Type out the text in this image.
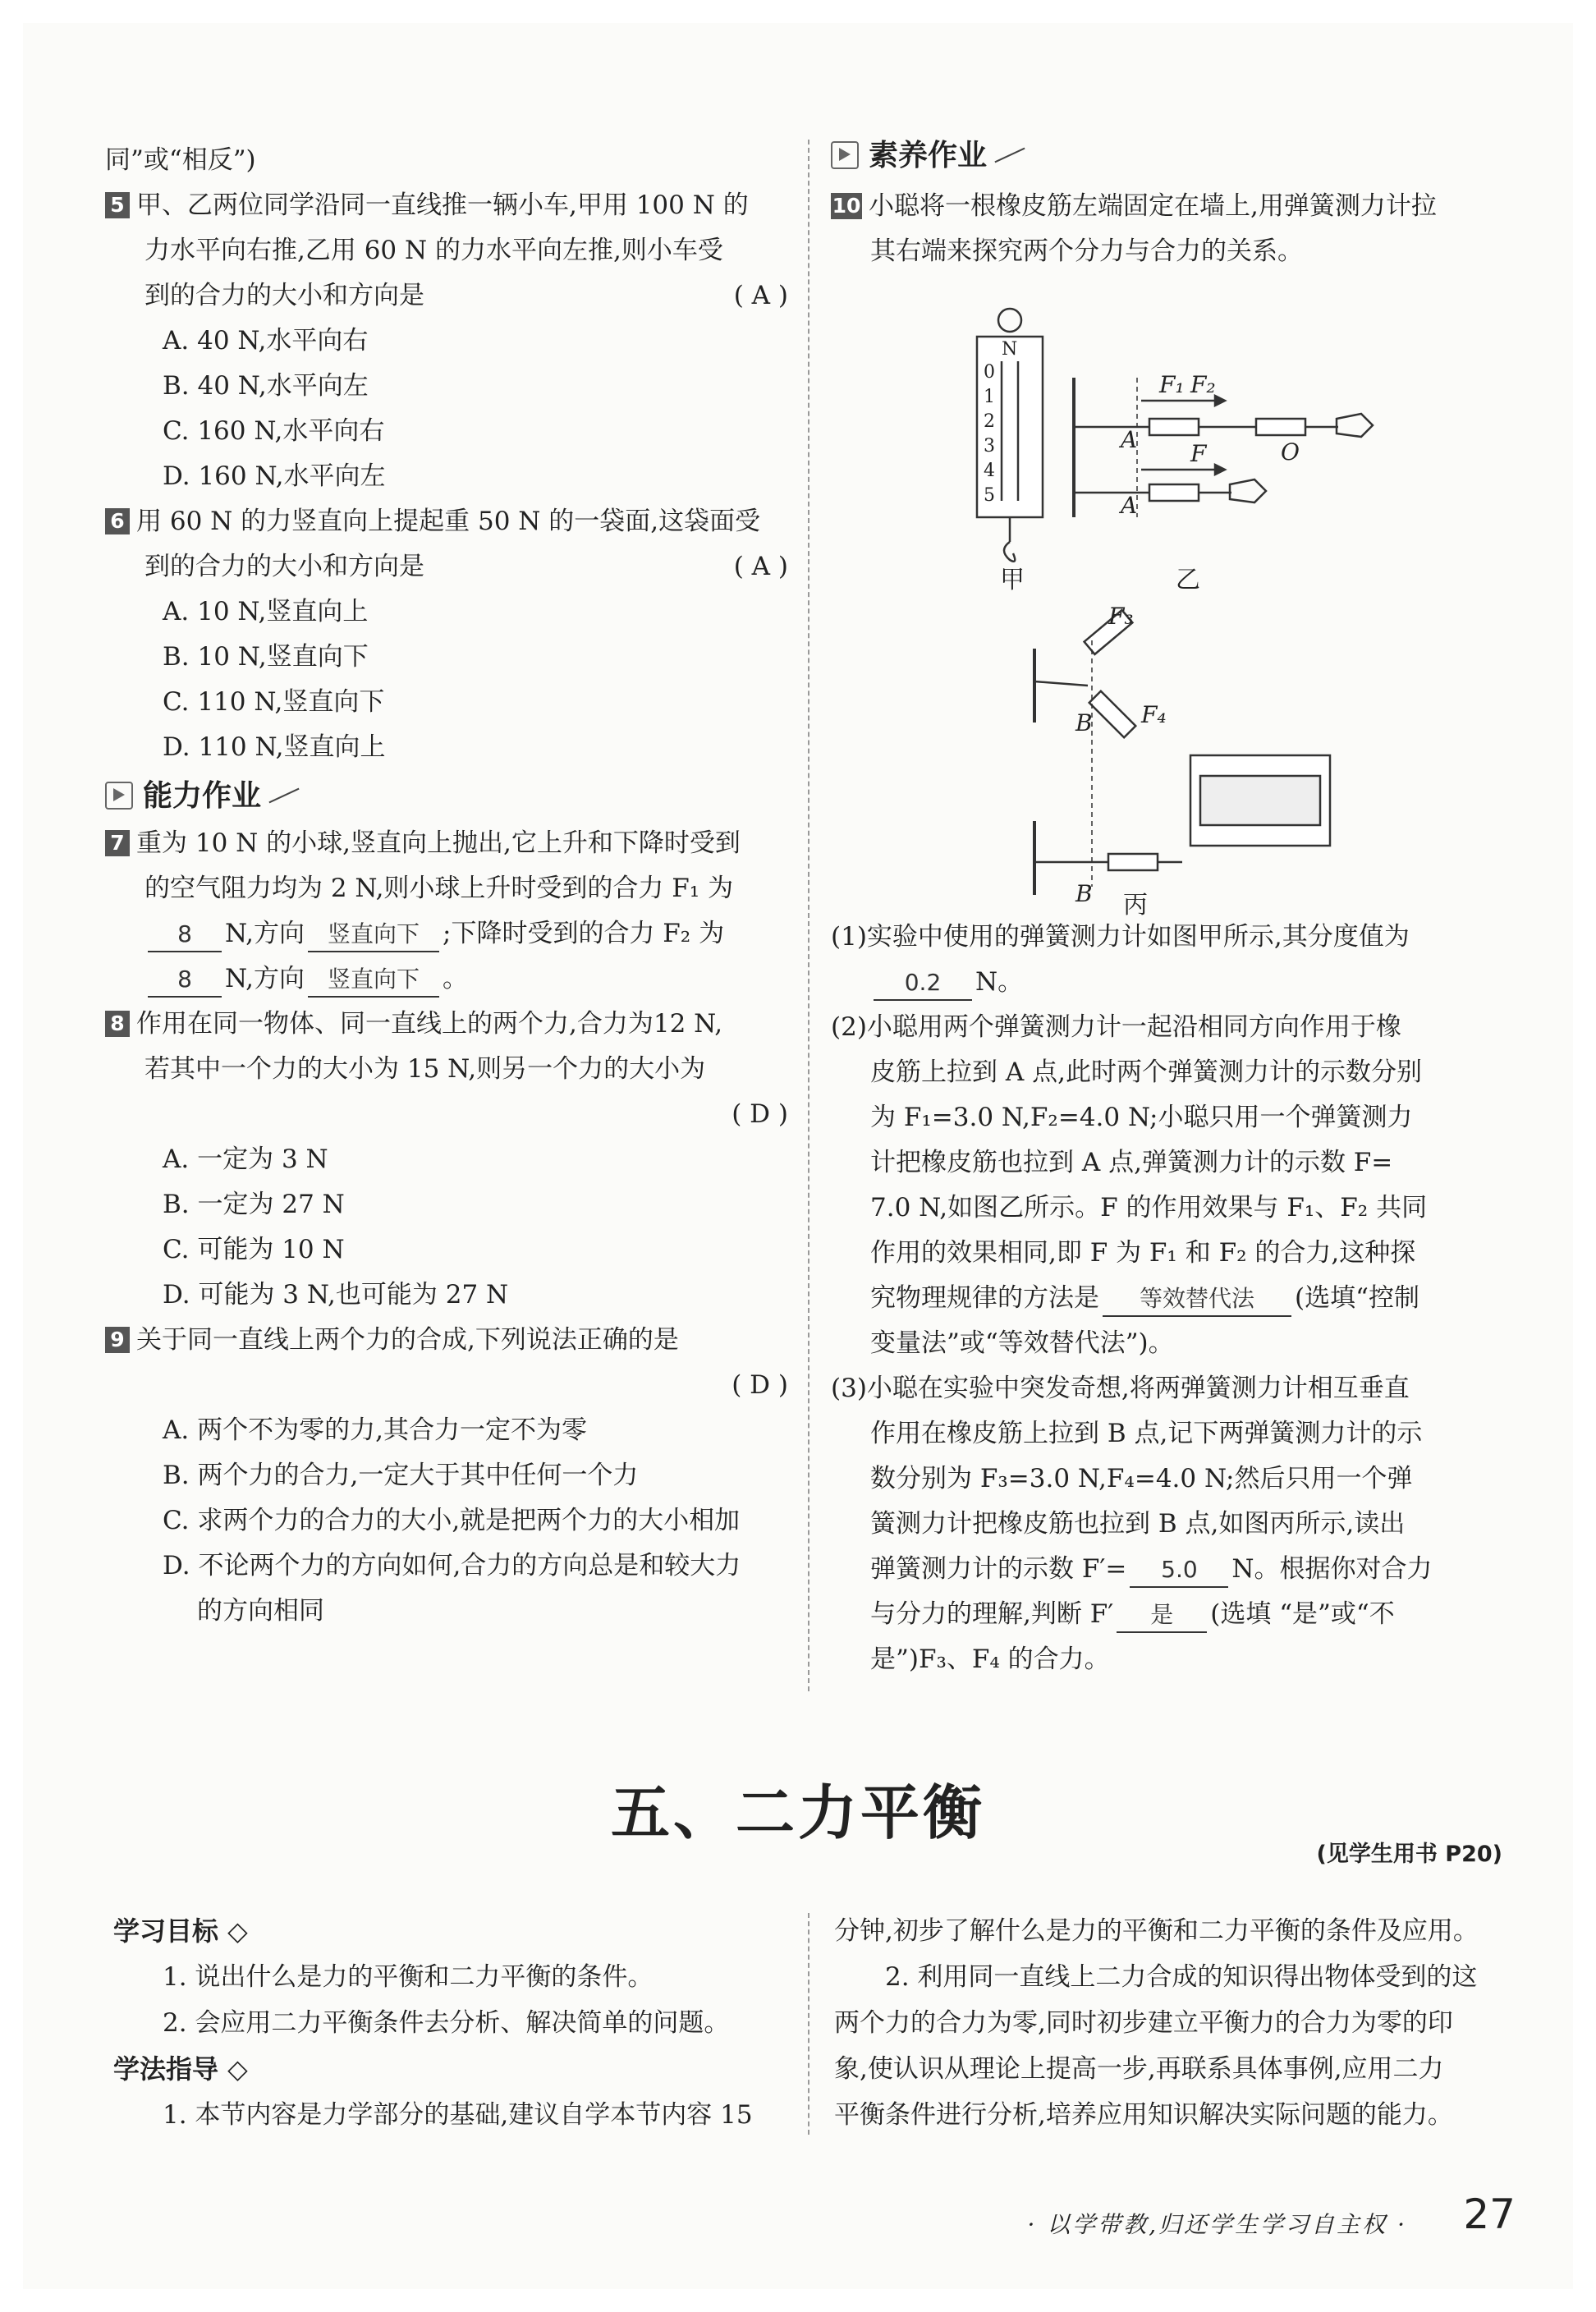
同”或“相反”)
5 甲、乙两位同学沿同一直线推一辆小车,甲用 100 N 的
力水平向右推,乙用 60 N 的力水平向左推,则小车受
到的合力的大小和方向是	( A )
A. 40 N,水平向右
B. 40 N,水平向左
C. 160 N,水平向右
D. 160 N,水平向左
6 用 60 N 的力竖直向上提起重 50 N 的一袋面,这袋面受
到的合力的大小和方向是	( A )
A. 10 N,竖直向上
B. 10 N,竖直向下
C. 110 N,竖直向下
D. 110 N,竖直向上
能力作业
7 重为 10 N 的小球,竖直向上抛出,它上升和下降时受到
的空气阻力均为 2 N,则小球上升时受到的合力 F₁ 为
8 N,方向 竖直向下 ;下降时受到的合力 F₂ 为
8 N,方向 竖直向下 。
8 作用在同一物体、同一直线上的两个力,合力为12 N,
若其中一个力的大小为 15 N,则另一个力的大小为
( D )

A. 一定为 3 N
B. 一定为 27 N
C. 可能为 10 N
D. 可能为 3 N,也可能为 27 N
9 关于同一直线上两个力的合成,下列说法正确的是
( D )

A. 两个不为零的力,其合力一定不为零
B. 两个力的合力,一定大于其中任何一个力
C. 求两个力的合力的大小,就是把两个力的大小相加
D. 不论两个力的方向如何,合力的方向总是和较大力
的方向相同
素养作业
10 小聪将一根橡皮筋左端固定在墙上,用弹簧测力计拉
其右端来探究两个分力与合力的关系。
(1)实验中使用的弹簧测力计如图甲所示,其分度值为
0.2 N。
(2)小聪用两个弹簧测力计一起沿相同方向作用于橡
皮筋上拉到 A 点,此时两个弹簧测力计的示数分别
为 F₁=3.0 N,F₂=4.0 N;小聪只用一个弹簧测力
计把橡皮筋也拉到 A 点,弹簧测力计的示数 F=
7.0 N,如图乙所示。F 的作用效果与 F₁、F₂ 共同
作用的效果相同,即 F 为 F₁ 和 F₂ 的合力,这种探
究物理规律的方法是 等效替代法 (选填“控制
变量法”或“等效替代法”)。
(3)小聪在实验中突发奇想,将两弹簧测力计相互垂直
作用在橡皮筋上拉到 B 点,记下两弹簧测力计的示
数分别为 F₃=3.0 N,F₄=4.0 N;然后只用一个弹
簧测力计把橡皮筋也拉到 B 点,如图丙所示,读出
弹簧测力计的示数 F′= 5.0 N。根据你对合力
与分力的理解,判断 F′ 是 (选填 “是”或“不
是”)F₃、F₄ 的合力。
N
0
1
2
3
4
5
A
A
F₁ F₂
F	O
F₃
F₄
B
B
甲	乙
丙
五、二力平衡
(见学生用书 P20)
学习目标 ◇
1. 说出什么是力的平衡和二力平衡的条件。
2. 会应用二力平衡条件去分析、解决简单的问题。
学法指导 ◇
1. 本节内容是力学部分的基础,建议自学本节内容 15
分钟,初步了解什么是力的平衡和二力平衡的条件及应用。
2. 利用同一直线上二力合成的知识得出物体受到的这
两个力的合力为零,同时初步建立平衡力的合力为零的印
象,使认识从理论上提高一步,再联系具体事例,应用二力
平衡条件进行分析,培养应用知识解决实际问题的能力。
· 以学带教,归还学生学习自主权 · 27
